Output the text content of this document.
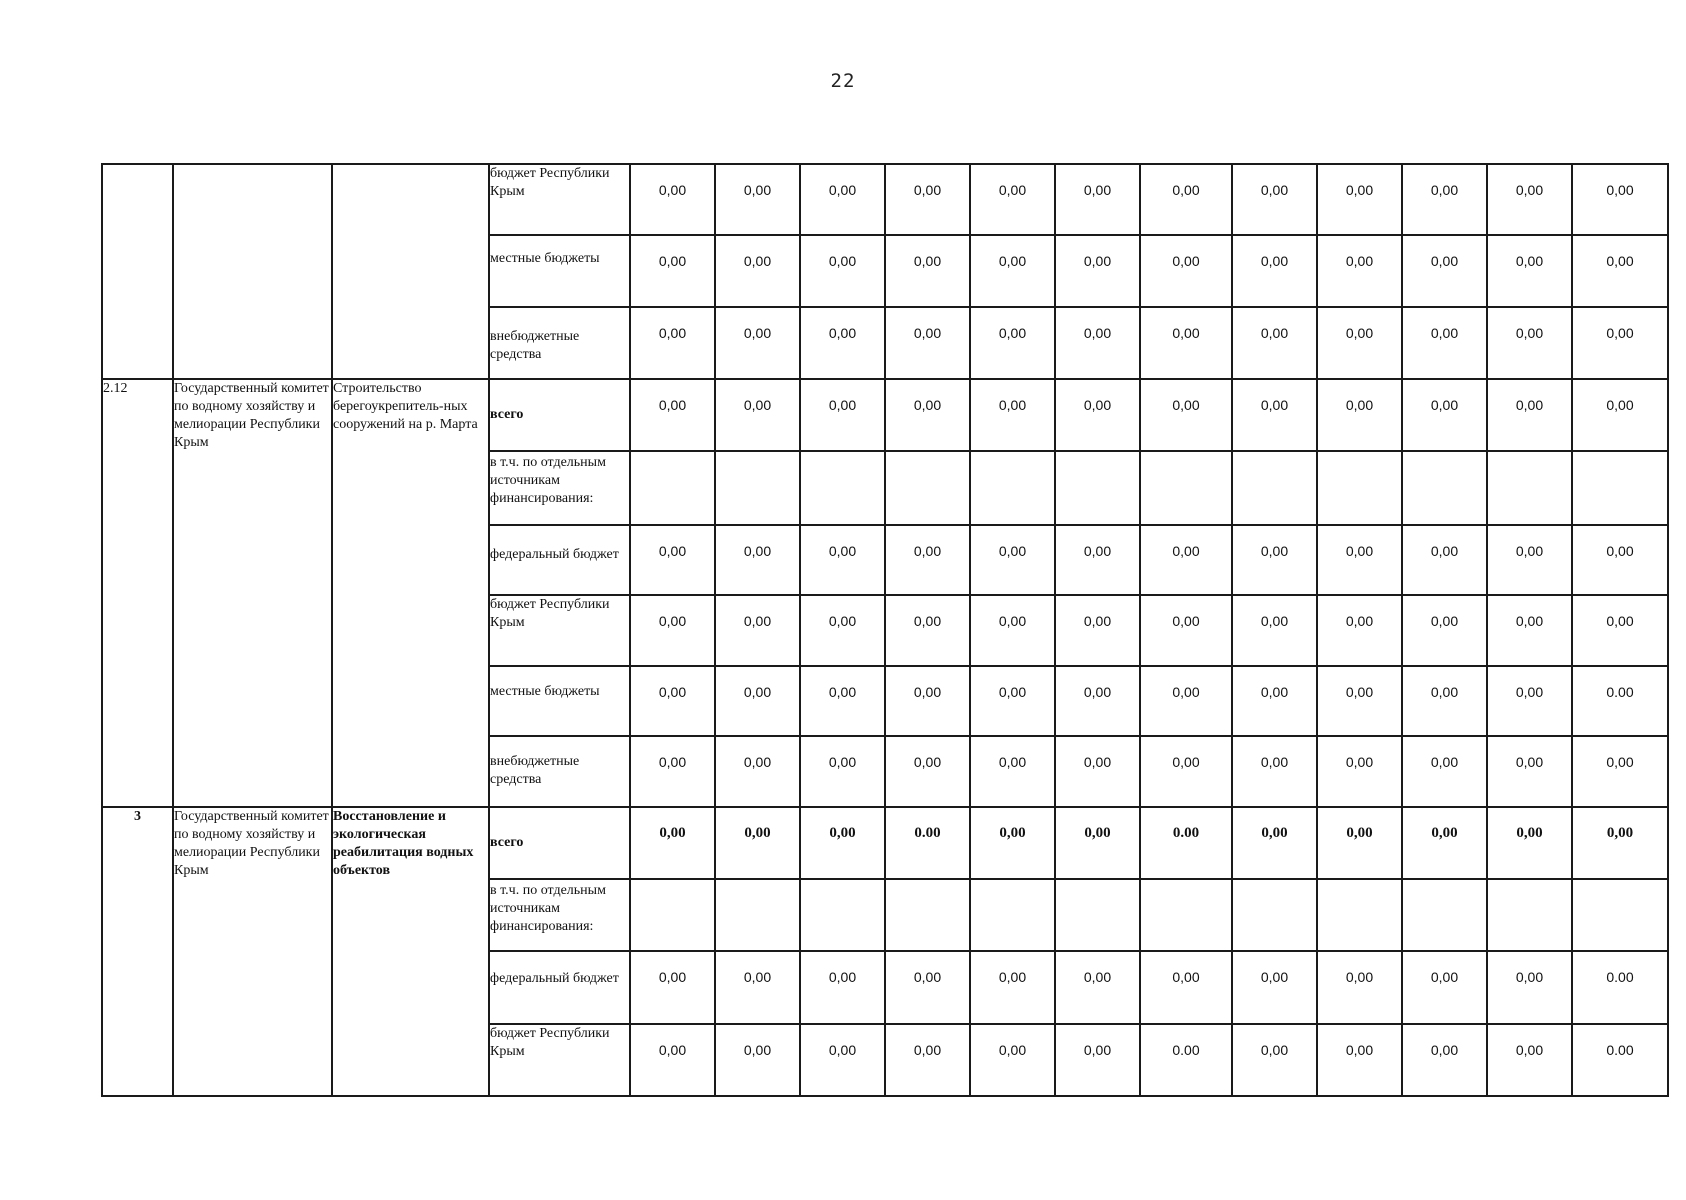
22
			бюджет Республики Крым	0,00	0,00	0,00	0,00	0,00	0,00	0,00	0,00	0,00	0,00	0,00	0,00

			местные бюджеты	0,00	0,00	0,00	0,00	0,00	0,00	0,00	0,00	0,00	0,00	0,00	0,00

			внебюджетные средства	0,00	0,00	0,00	0,00	0,00	0,00	0,00	0,00	0,00	0,00	0,00	0,00

2.12	Государственный комитет по водному хозяйству и мелиорации Республики Крым	Строительство берегоукрепитель-ных сооружений на р. Марта	всего	0,00	0,00	0,00	0,00	0,00	0,00	0,00	0,00	0,00	0,00	0,00	0,00

			в т.ч. по отдельным источникам финансирования:	

			федеральный бюджет	0,00	0,00	0,00	0,00	0,00	0,00	0,00	0,00	0,00	0,00	0,00	0,00

			бюджет Республики Крым	0,00	0,00	0,00	0,00	0,00	0,00	0,00	0,00	0,00	0,00	0,00	0,00

			местные бюджеты	0,00	0,00	0,00	0,00	0,00	0,00	0,00	0,00	0,00	0,00	0,00	0.00

			внебюджетные средства	0,00	0,00	0,00	0,00	0,00	0,00	0,00	0,00	0,00	0,00	0,00	0,00

3	Государственный комитет по водному хозяйству и мелиорации Республики Крым	Восстановление и экологическая реабилитация водных объектов	всего	0,00	0,00	0,00	0.00	0,00	0,00	0.00	0,00	0,00	0,00	0,00	0,00

			в т.ч. по отдельным источникам финансирования:	

			федеральный бюджет	0,00	0,00	0,00	0,00	0,00	0,00	0,00	0,00	0,00	0,00	0,00	0.00

			бюджет Республики Крым	0,00	0,00	0,00	0,00	0,00	0,00	0.00	0,00	0,00	0,00	0,00	0.00
